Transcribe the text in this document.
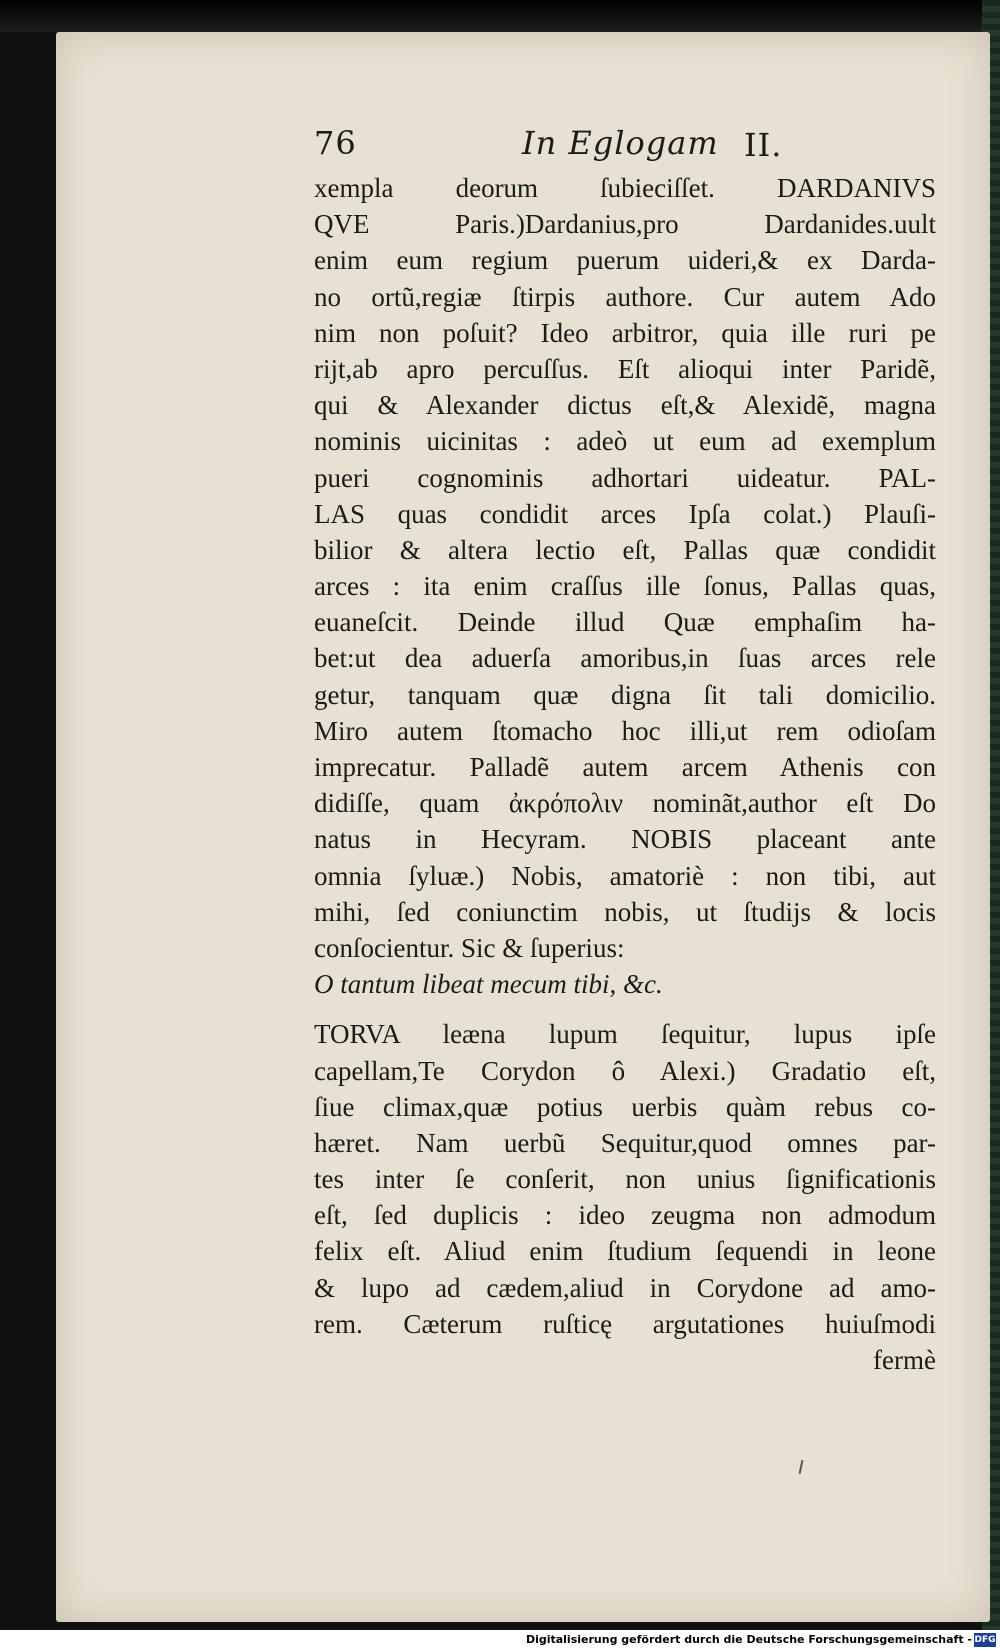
76	In Eglogam II.
xempla deorum ſubieciſſet. DARDANIVS
QVE Paris.)Dardanius,pro Dardanides.uult
enim eum regium puerum uideri,& ex Darda-
no ortũ,regiæ ſtirpis authore. Cur autem Ado
nim non poſuit? Ideo arbitror, quia ille ruri pe
rijt,ab apro percuſſus. Eſt alioqui inter Paridẽ,
qui & Alexander dictus eſt,& Alexidẽ, magna
nominis uicinitas : adeò ut eum ad exemplum
pueri cognominis adhortari uideatur. PAL-
LAS quas condidit arces Ipſa colat.) Plauſi-
bilior & altera lectio eſt, Pallas quæ condidit
arces : ita enim craſſus ille ſonus, Pallas quas,
euaneſcit. Deinde illud Quæ emphaſim ha-
bet:ut dea aduerſa amoribus,in ſuas arces rele
getur, tanquam quæ digna ſit tali domicilio.
Miro autem ſtomacho hoc illi,ut rem odioſam
imprecatur. Palladẽ autem arcem Athenis con
didiſſe, quam ἀκρόπολιν nominãt,author eſt Do
natus in Hecyram. NOBIS placeant ante
omnia ſyluæ.) Nobis, amatoriè : non tibi, aut
mihi, ſed coniunctim nobis, ut ſtudijs & locis
conſocientur. Sic & ſuperius:
O tantum libeat mecum tibi, &c.
TORVA leæna lupum ſequitur, lupus ipſe
capellam,Te Corydon ô Alexi.) Gradatio eſt,
ſiue climax,quæ potius uerbis quàm rebus co-
hæret. Nam uerbũ Sequitur,quod omnes par-
tes inter ſe conſerit, non unius ſignificationis
eſt, ſed duplicis : ideo zeugma non admodum
felix eſt. Aliud enim ſtudium ſequendi in leone
& lupo ad cædem,aliud in Corydone ad amo-
rem. Cæterum ruſticę argutationes huiuſmodi
fermè
Digitalisierung gefördert durch die Deutsche Forschungsgemeinschaft - DFG
